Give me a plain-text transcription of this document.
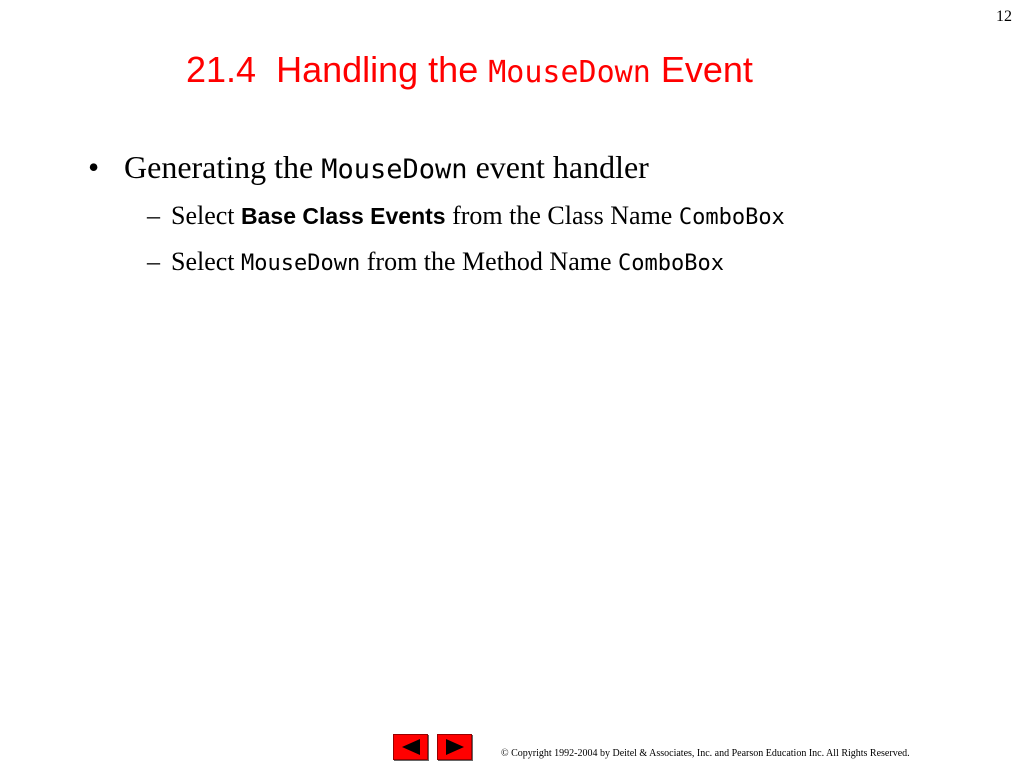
12
21.4 Handling the MouseDown Event
• Generating the MouseDown event handler
– Select Base Class Events from the Class Name ComboBox
– Select MouseDown from the Method Name ComboBox
© Copyright 1992-2004 by Deitel & Associates, Inc. and Pearson Education Inc. All Rights Reserved.
